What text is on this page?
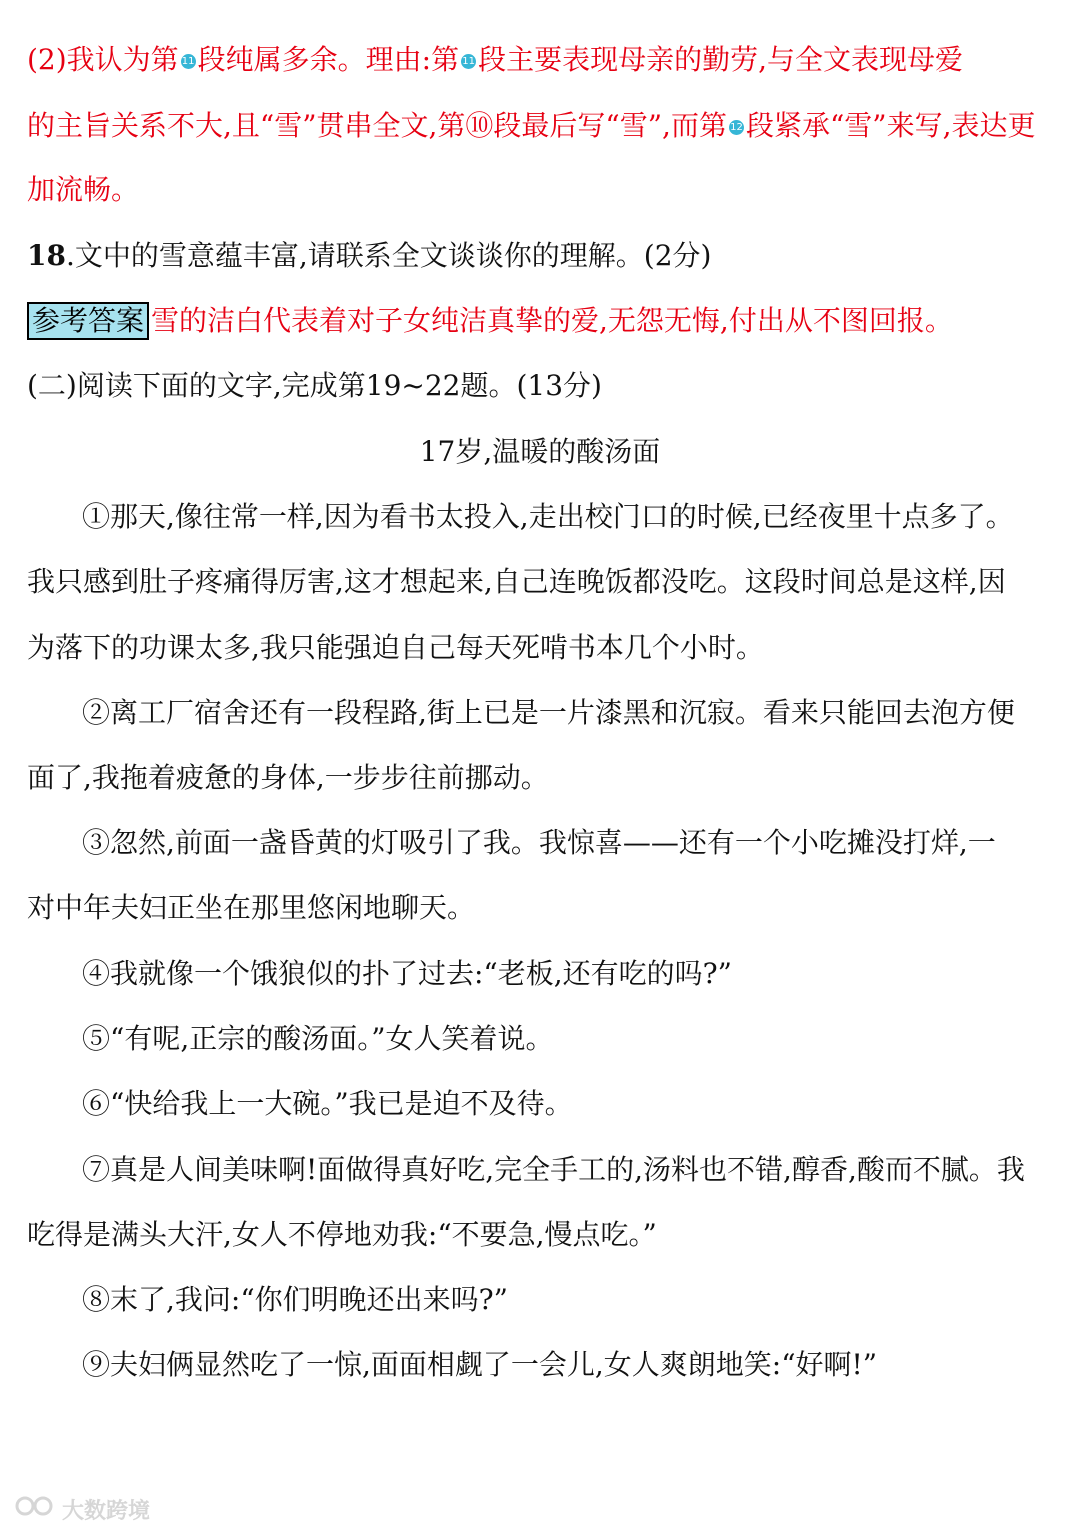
(2)我认为第 11 段纯属多余。理由:第 11 段主要表现母亲的勤劳,与全文表现母爱
的主旨关系不大,且“雪”贯串全文,第⑩段最后写“雪”,而第 12 段紧承“雪”来写,表达更
加流畅。
18.文中的雪意蕴丰富,请联系全文谈谈你的理解。(2分)
参考答案 雪的洁白代表着对子女纯洁真挚的爱,无怨无悔,付出从不图回报。
(二)阅读下面的文字,完成第19~22题。(13分)
17岁,温暖的酸汤面
①那天,像往常一样,因为看书太投入,走出校门口的时候,已经夜里十点多了。
我只感到肚子疼痛得厉害,这才想起来,自己连晚饭都没吃。这段时间总是这样,因
为落下的功课太多,我只能强迫自己每天死啃书本几个小时。
②离工厂宿舍还有一段程路,街上已是一片漆黑和沉寂。看来只能回去泡方便
面了,我拖着疲惫的身体,一步步往前挪动。
③忽然,前面一盏昏黄的灯吸引了我。我惊喜——还有一个小吃摊没打烊,一
对中年夫妇正坐在那里悠闲地聊天。
④我就像一个饿狼似的扑了过去:“老板,还有吃的吗?”
⑤“有呢,正宗的酸汤面。”女人笑着说。
⑥“快给我上一大碗。”我已是迫不及待。
⑦真是人间美味啊!面做得真好吃,完全手工的,汤料也不错,醇香,酸而不腻。我
吃得是满头大汗,女人不停地劝我:“不要急,慢点吃。”
⑧末了,我问:“你们明晚还出来吗?”
⑨夫妇俩显然吃了一惊,面面相觑了一会儿,女人爽朗地笑:“好啊!”
大数跨境
